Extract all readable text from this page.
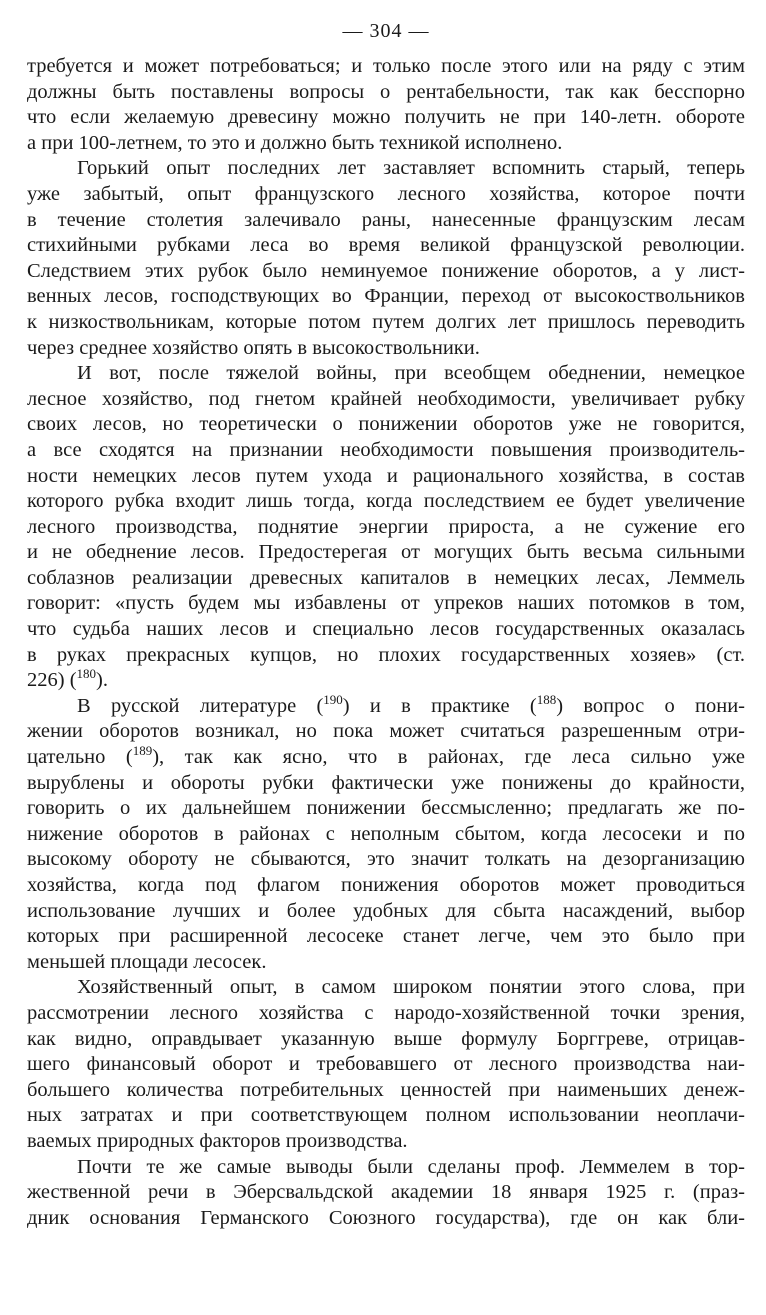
— 304 —
требуется и может потребоваться; и только после этого или на ряду с этим
должны быть поставлены вопросы о рентабельности, так как бесспорно
что если желаемую древесину можно получить не при 140-летн. обороте
а при 100-летнем, то это и должно быть техникой исполнено.
Горький опыт последних лет заставляет вспомнить старый, теперь
уже забытый, опыт французского лесного хозяйства, которое почти
в течение столетия залечивало раны, нанесенные французским лесам
стихийными рубками леса во время великой французской революции.
Следствием этих рубок было неминуемое понижение оборотов, а у лист-
венных лесов, господствующих во Франции, переход от высокоствольников
к низкоствольникам, которые потом путем долгих лет пришлось переводить
через среднее хозяйство опять в высокоствольники.
И вот, после тяжелой войны, при всеобщем обеднении, немецкое
лесное хозяйство, под гнетом крайней необходимости, увеличивает рубку
своих лесов, но теоретически о понижении оборотов уже не говорится,
а все сходятся на признании необходимости повышения производитель-
ности немецких лесов путем ухода и рационального хозяйства, в состав
которого рубка входит лишь тогда, когда последствием ее будет увеличение
лесного производства, поднятие энергии прироста, а не сужение его
и не обеднение лесов. Предостерегая от могущих быть весьма сильными
соблазнов реализации древесных капиталов в немецких лесах, Леммель
говорит: «пусть будем мы избавлены от упреков наших потомков в том,
что судьба наших лесов и специально лесов государственных оказалась
в руках прекрасных купцов, но плохих государственных хозяев» (ст.
226) ($^{180}$).
В русской литературе ($^{190}$) и в практике ($^{188}$) вопрос о пони-
жении оборотов возникал, но пока может считаться разрешенным отри-
цательно ($^{189}$), так как ясно, что в районах, где леса сильно уже
вырублены и обороты рубки фактически уже понижены до крайности,
говорить о их дальнейшем понижении бессмысленно; предлагать же по-
нижение оборотов в районах с неполным сбытом, когда лесосеки и по
высокому обороту не сбываются, это значит толкать на дезорганизацию
хозяйства, когда под флагом понижения оборотов может проводиться
использование лучших и более удобных для сбыта насаждений, выбор
которых при расширенной лесосеке станет легче, чем это было при
меньшей площади лесосек.
Хозяйственный опыт, в самом широком понятии этого слова, при
рассмотрении лесного хозяйства с народо-хозяйственной точки зрения,
как видно, оправдывает указанную выше формулу Борггреве, отрицав-
шего финансовый оборот и требовавшего от лесного производства наи-
большего количества потребительных ценностей при наименьших денеж-
ных затратах и при соответствующем полном использовании неоплачи-
ваемых природных факторов производства.
Почти те же самые выводы были сделаны проф. Леммелем в тор-
жественной речи в Эберсвальдской академии 18 января 1925 г. (праз-
дник основания Германского Союзного государства), где он как бли-
